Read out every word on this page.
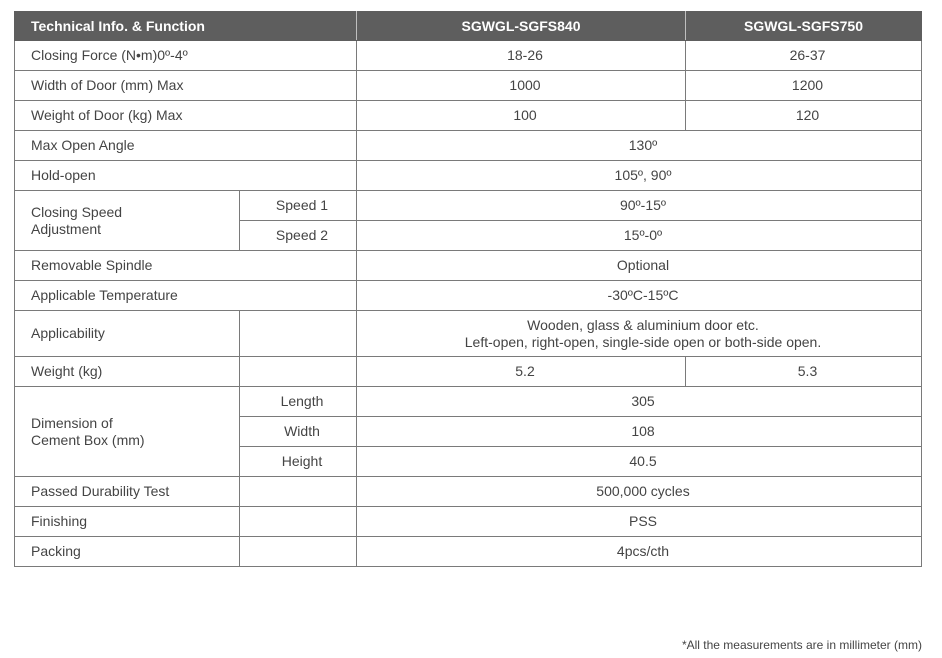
Technical Info. & Function		SGWGL-SGFS840	SGWGL-SGFS750
Closing Force (N•m)0º-4º		18-26	26-37
Width of Door (mm) Max		1000	1200
Weight of Door (kg) Max		100	120
Max Open Angle		130º	
Hold-open		105º, 90º	
Closing Speed
Adjustment	Speed 1	90º-15º	
	Speed 2	15º-0º	
Removable Spindle		Optional	
Applicable Temperature		-30ºC-15ºC	
Applicability		Wooden, glass & aluminium door etc.
Left-open, right-open, single-side open or both-side open.	
Weight (kg)		5.2	5.3
Dimension of
Cement Box (mm)	Length	305	
	Width	108	
	Height	40.5	
Passed Durability Test		500,000 cycles	
Finishing		PSS	
Packing		4pcs/cth	
*All the measurements are in millimeter (mm)
